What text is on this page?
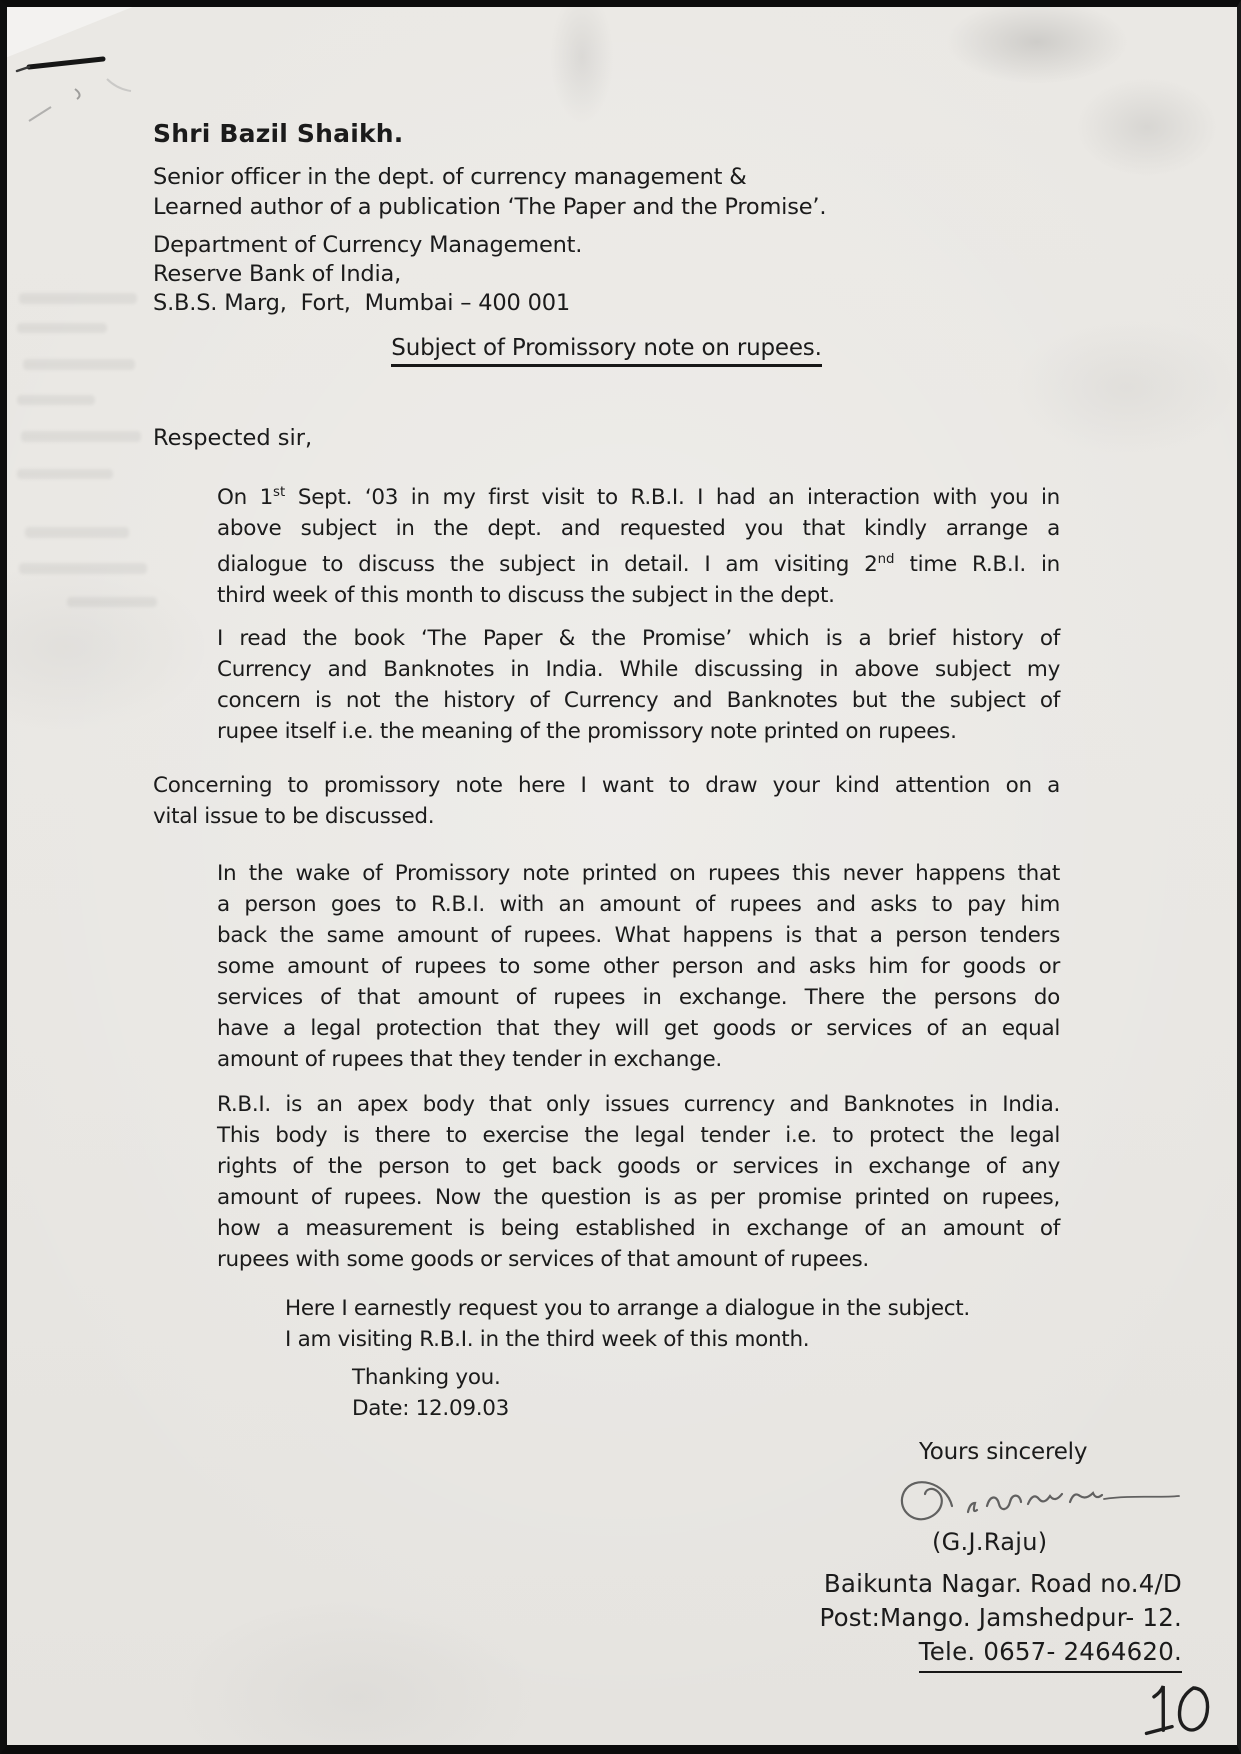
Shri Bazil Shaikh.
Senior officer in the dept. of currency management &
Learned author of a publication ‘The Paper and the Promise’.
Department of Currency Management.
Reserve Bank of India,
S.B.S. Marg,  Fort,  Mumbai – 400 001
Subject of Promissory note on rupees.
Respected sir,
On 1st Sept. ‘03 in my first visit to R.B.I. I had an interaction with you in
above subject in the dept. and requested you that kindly arrange a
dialogue to discuss the subject in detail. I am visiting 2nd time R.B.I. in
third week of this month to discuss the subject in the dept.
I read the book ‘The Paper & the Promise’ which is a brief history of
Currency and Banknotes in India. While discussing in above subject my
concern is not the history of Currency and Banknotes but the subject of
rupee itself i.e. the meaning of the promissory note printed on rupees.
Concerning to promissory note here I want to draw your kind attention on a
vital issue to be discussed.
In the wake of Promissory note printed on rupees this never happens that
a person goes to R.B.I. with an amount of rupees and asks to pay him
back the same amount of rupees. What happens is that a person tenders
some amount of rupees to some other person and asks him for goods or
services of that amount of rupees in exchange. There the persons do
have a legal protection that they will get goods or services of an equal
amount of rupees that they tender in exchange.
R.B.I. is an apex body that only issues currency and Banknotes in India.
This body is there to exercise the legal tender i.e. to protect the legal
rights of the person to get back goods or services in exchange of any
amount of rupees. Now the question is as per promise printed on rupees,
how a measurement is being established in exchange of an amount of
rupees with some goods or services of that amount of rupees.
Here I earnestly request you to arrange a dialogue in the subject.
I am visiting R.B.I. in the third week of this month.
Thanking you.
Date: 12.09.03
Yours sincerely
(G.J.Raju)
Baikunta Nagar. Road no.4/D
Post:Mango. Jamshedpur- 12.
Tele. 0657- 2464620.
